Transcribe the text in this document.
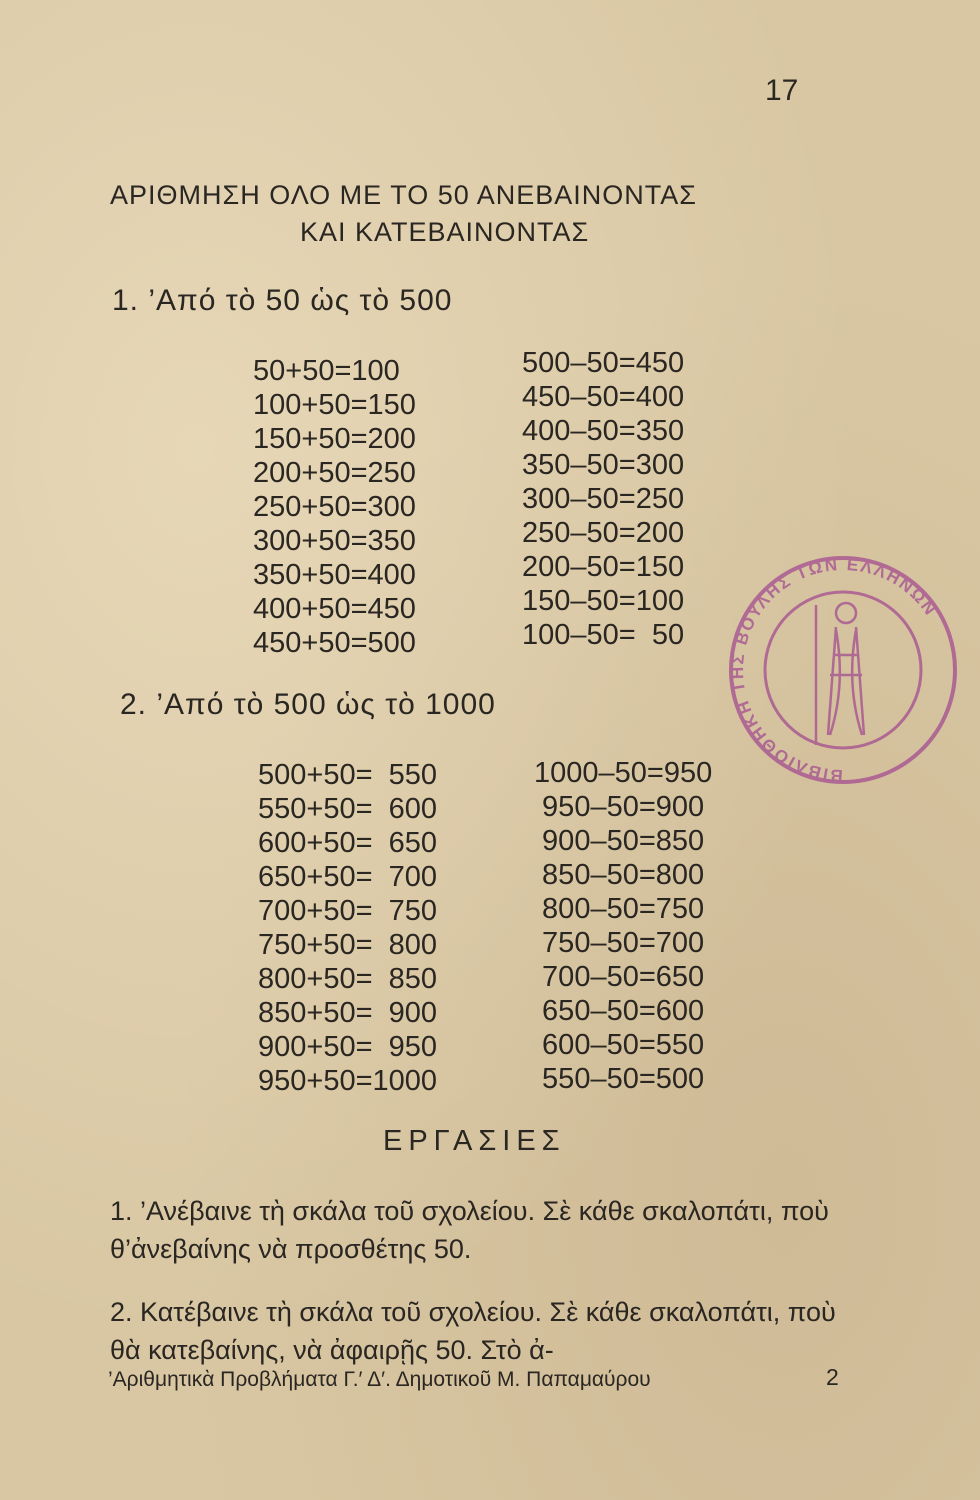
17
ΑΡΙΘΜΗΣΗ ΟΛΟ ΜΕ ΤΟ 50 ΑΝΕΒΑΙΝΟΝΤΑΣ
ΚΑΙ ΚΑΤΕΒΑΙΝΟΝΤΑΣ
1. ’Από τὸ 50 ὡς τὸ 500
50+50=100
100+50=150
150+50=200
200+50=250
250+50=300
300+50=350
350+50=400
400+50=450
450+50=500
500–50=450
450–50=400
400–50=350
350–50=300
300–50=250
250–50=200
200–50=150
150–50=100
100–50=  50
2. ’Από τὸ 500 ὡς τὸ 1000
500+50=  550
550+50=  600
600+50=  650
650+50=  700
700+50=  750
750+50=  800
800+50=  850
850+50=  900
900+50=  950
950+50=1000
1000–50=950
950–50=900
900–50=850
850–50=800
800–50=750
750–50=700
700–50=650
650–50=600
600–50=550
550–50=500
ΕΡΓΑΣΙΕΣ
1. ’Ανέβαινε τὴ σκάλα τοῦ σχολείου. Σὲ κάθε σκαλοπάτι, ποὺ θ’ἀνεβαίνης νὰ προσθέτης 50.
2. Κατέβαινε τὴ σκάλα τοῦ σχολείου. Σὲ κάθε σκαλοπάτι, ποὺ θὰ κατεβαίνης, νὰ ἀφαιρῇς 50. Στὸ ἀ-
’Αριθμητικὰ Προβλήματα Γ.′ Δ′. Δημοτικοῦ Μ. Παπαμαύρου	2
ΒΙΒΛΙΟΘΗΚΗ ΤΗΣ ΒΟΥΛΗΣ ΤΩΝ ΕΛΛΗΝΩΝ
